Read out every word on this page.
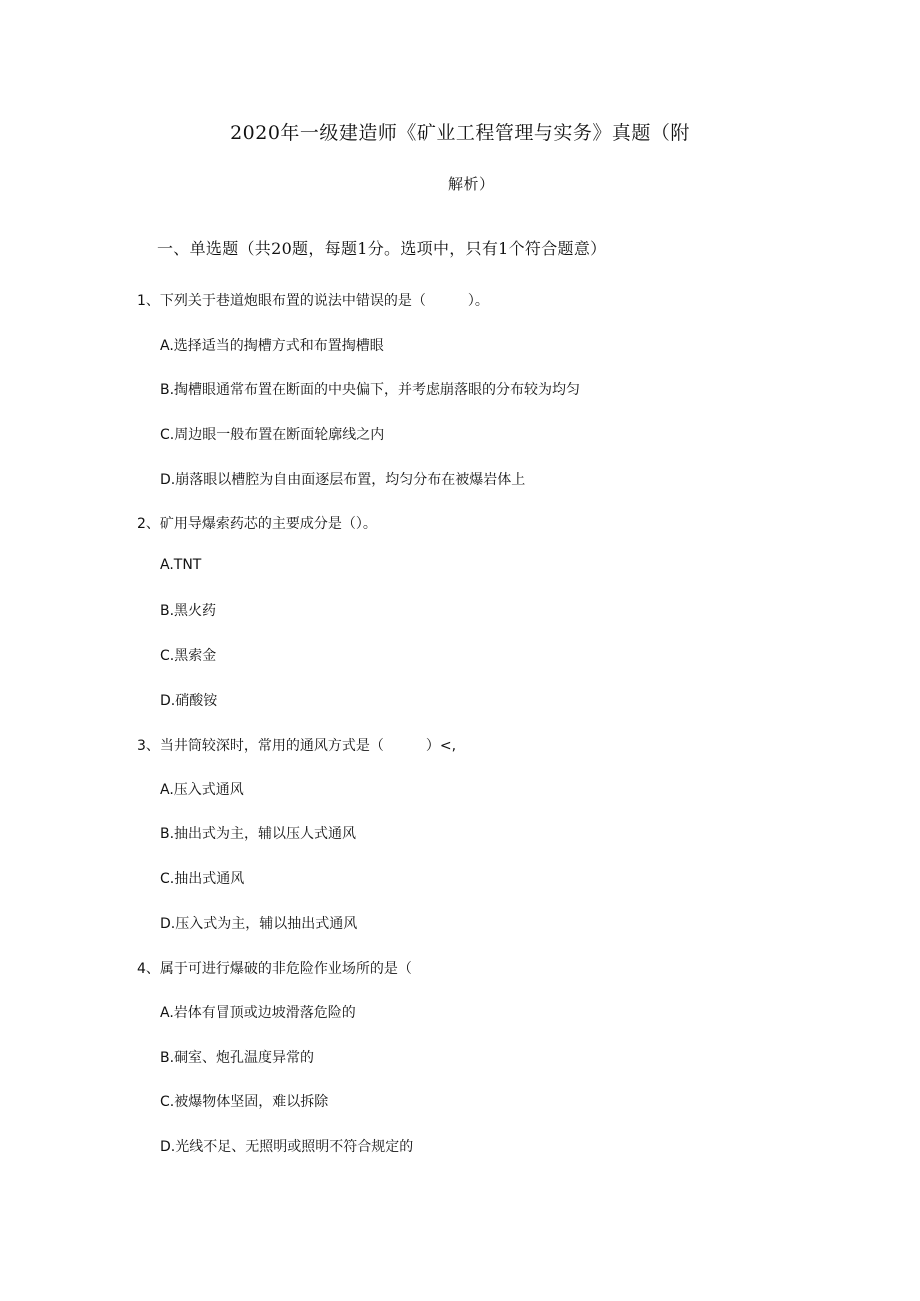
2020年一级建造师《矿业工程管理与实务》真题（附
解析）
一、单选题（共20题，每题1分。选项中，只有1个符合题意）
1、下列关于巷道炮眼布置的说法中错误的是（　　　）。
A.选择适当的掏槽方式和布置掏槽眼
B.掏槽眼通常布置在断面的中央偏下，并考虑崩落眼的分布较为均匀
C.周边眼一般布置在断面轮廓线之内
D.崩落眼以槽腔为自由面逐层布置，均匀分布在被爆岩体上
2、矿用导爆索药芯的主要成分是（）。
A.TNT
B.黑火药
C.黑索金
D.硝酸铵
3、当井筒较深时，常用的通风方式是（　　　）<,
A.压入式通风
B.抽出式为主，辅以压人式通风
C.抽出式通风
D.压入式为主，辅以抽出式通风
4、属于可进行爆破的非危险作业场所的是（
A.岩体有冒顶或边坡滑落危险的
B.硐室、炮孔温度异常的
C.被爆物体坚固，难以拆除
D.光线不足、无照明或照明不符合规定的
